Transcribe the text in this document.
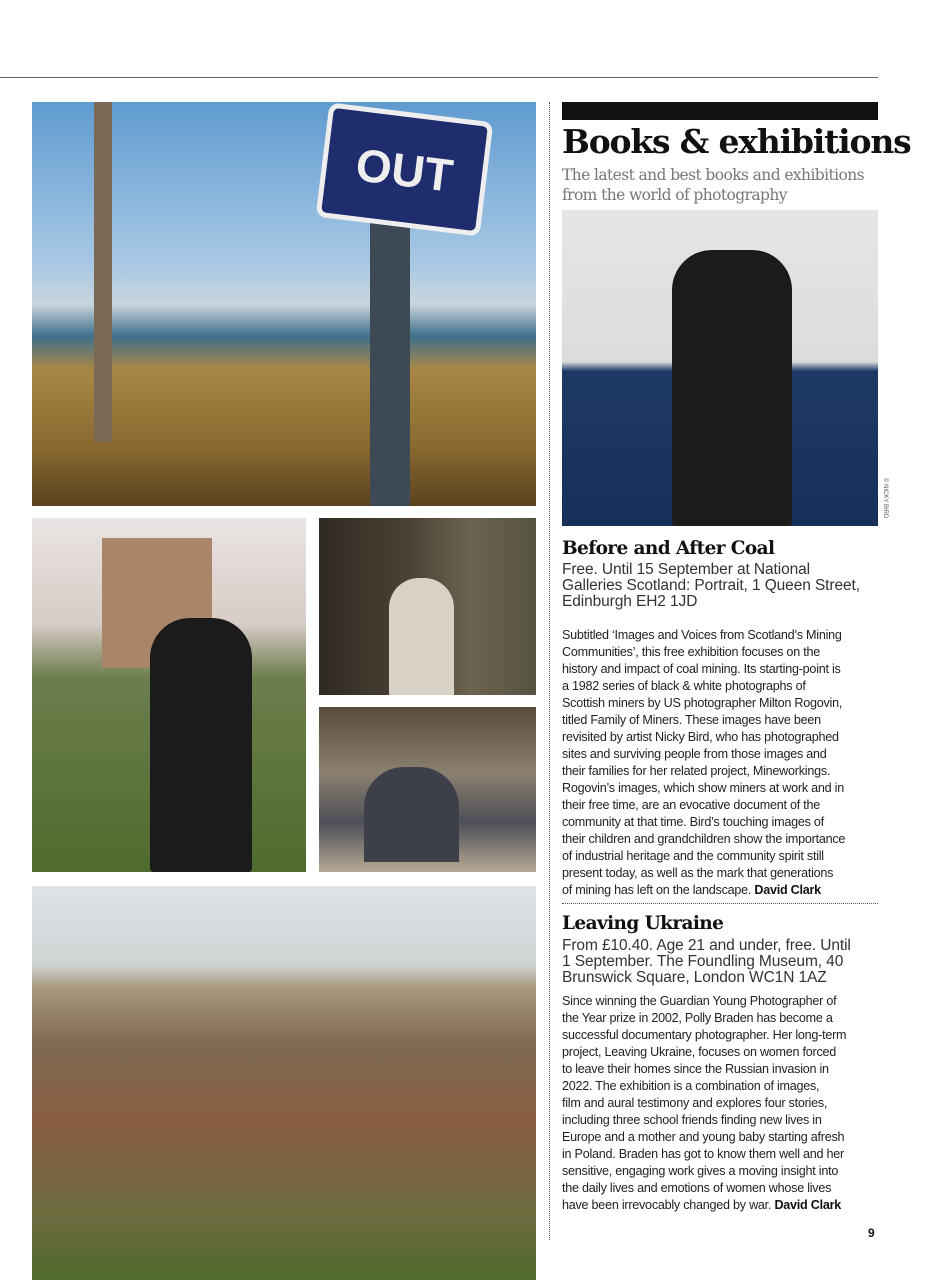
OUT	Books & exhibitions
The latest and best books and exhibitions
from the world of photography
© NICKY BIRD
Before and After Coal
Free. Until 15 September at National
Galleries Scotland: Portrait, 1 Queen Street,
Edinburgh EH2 1JD
Subtitled ‘Images and Voices from Scotland’s Mining
Communities’, this free exhibition focuses on the
history and impact of coal mining. Its starting-point is
a 1982 series of black & white photographs of
Scottish miners by US photographer Milton Rogovin,
titled Family of Miners. These images have been
revisited by artist Nicky Bird, who has photographed
sites and surviving people from those images and
their families for her related project, Mineworkings.
Rogovin’s images, which show miners at work and in
their free time, are an evocative document of the
community at that time. Bird’s touching images of
their children and grandchildren show the importance
of industrial heritage and the community spirit still
present today, as well as the mark that generations
of mining has left on the landscape. David Clark
Leaving Ukraine
From £10.40. Age 21 and under, free. Until
1 September. The Foundling Museum, 40
Brunswick Square, London WC1N 1AZ
Since winning the Guardian Young Photographer of
the Year prize in 2002, Polly Braden has become a
successful documentary photographer. Her long-term
project, Leaving Ukraine, focuses on women forced
to leave their homes since the Russian invasion in
2022. The exhibition is a combination of images,
film and aural testimony and explores four stories,
including three school friends finding new lives in
Europe and a mother and young baby starting afresh
in Poland. Braden has got to know them well and her
sensitive, engaging work gives a moving insight into
the daily lives and emotions of women whose lives
have been irrevocably changed by war. David Clark
9
